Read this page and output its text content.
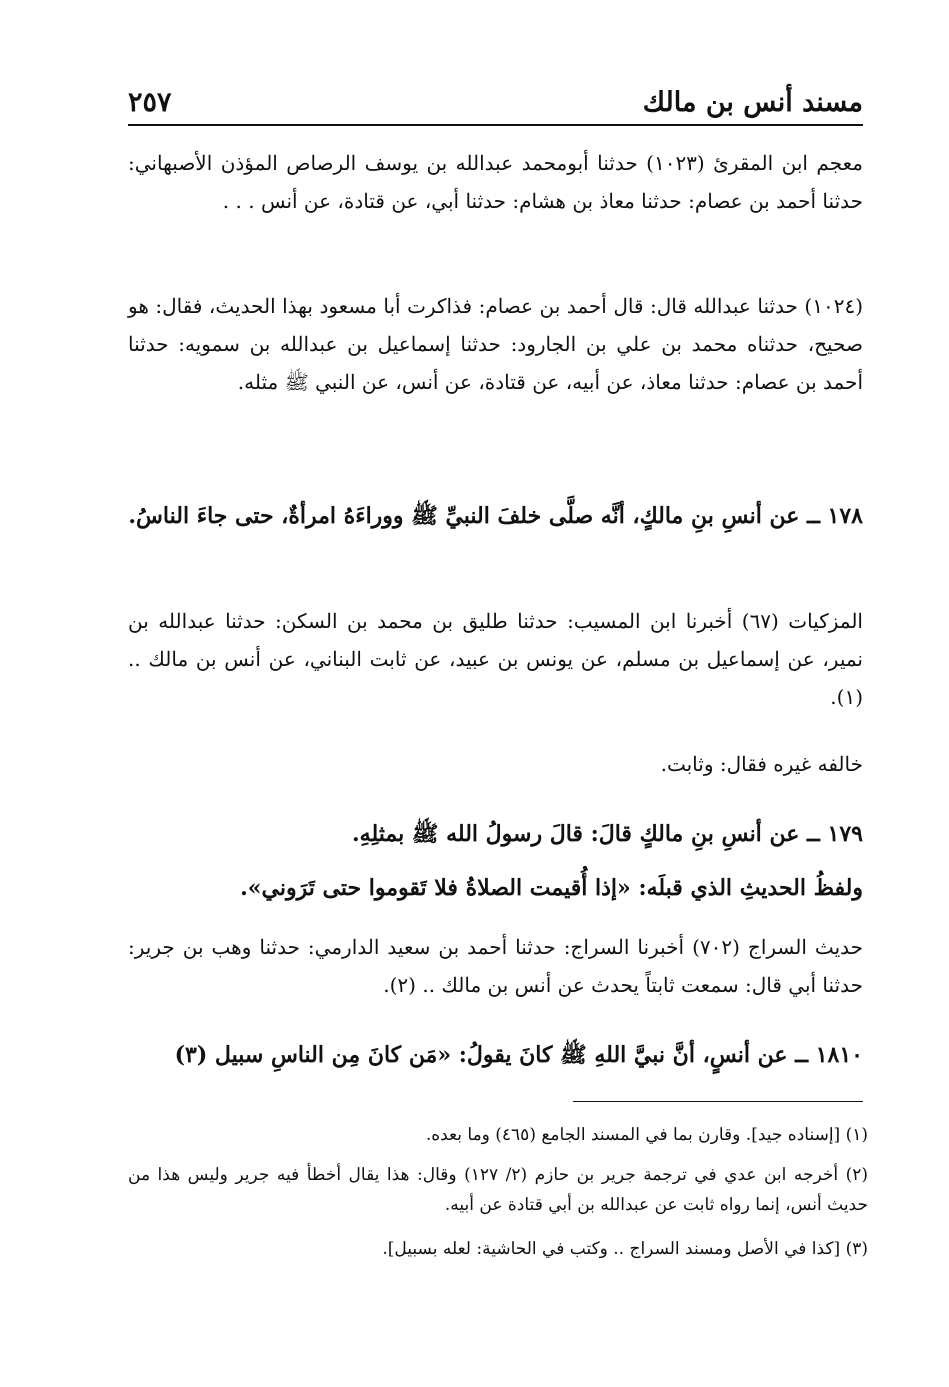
مسند أنس بن مالك
٢٥٧
معجم ابن المقرئ (١٠٢٣) حدثنا أبومحمد عبدالله بن يوسف الرصاص المؤذن الأصبهاني: حدثنا أحمد بن عصام: حدثنا معاذ بن هشام: حدثنا أبي، عن قتادة، عن أنس . . .
(١٠٢٤) حدثنا عبدالله قال: قال أحمد بن عصام: فذاكرت أبا مسعود بهذا الحديث، فقال: هو صحيح، حدثناه محمد بن علي بن الجارود: حدثنا إسماعيل بن عبدالله بن سمويه: حدثنا أحمد بن عصام: حدثنا معاذ، عن أبيه، عن قتادة، عن أنس، عن النبي ﷺ مثله.
١٧٨ ــ عن أنسِ بنِ مالكٍ، أنَّه صلَّى خلفَ النبيِّ ﷺ ووراءَهُ امرأةٌ، حتى جاءَ الناسُ.
المزكيات (٦٧) أخبرنا ابن المسيب: حدثنا طليق بن محمد بن السكن: حدثنا عبدالله بن نمير، عن إسماعيل بن مسلم، عن يونس بن عبيد، عن ثابت البناني، عن أنس بن مالك .. (١).
خالفه غيره فقال: وثابت.
١٧٩ ــ عن أنسِ بنِ مالكٍ قالَ: قالَ رسولُ الله ﷺ بمثلِهِ.
ولفظُ الحديثِ الذي قبلَه: «إذا أُقيمت الصلاةُ فلا تَقوموا حتى تَرَوني».
حديث السراج (٧٠٢) أخبرنا السراج: حدثنا أحمد بن سعيد الدارمي: حدثنا وهب بن جرير: حدثنا أبي قال: سمعت ثابتاً يحدث عن أنس بن مالك .. (٢).
١٨١٠ ــ عن أنسٍ، أنَّ نبيَّ اللهِ ﷺ كانَ يقولُ: «مَن كانَ مِن الناسِ سبيل (٣)
(١) [إسناده جيد]. وقارن بما في المسند الجامع (٤٦٥) وما بعده.
(٢) أخرجه ابن عدي في ترجمة جرير بن حازم (٢/ ١٢٧) وقال: هذا يقال أخطأ فيه جرير وليس هذا من حديث أنس، إنما رواه ثابت عن عبدالله بن أبي قتادة عن أبيه.
(٣) [كذا في الأصل ومسند السراج .. وكتب في الحاشية: لعله بسبيل].
